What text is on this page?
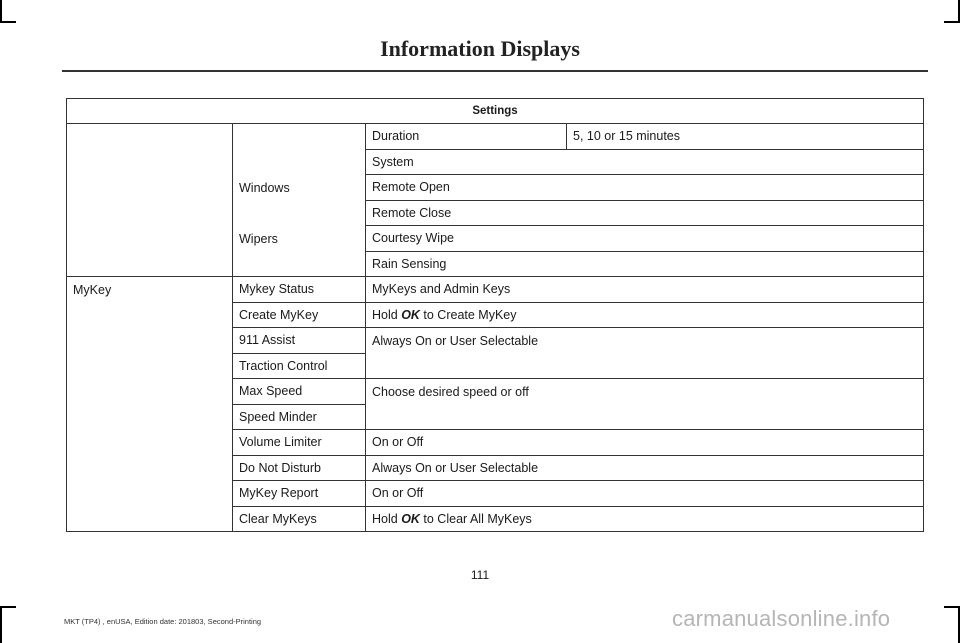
Information Displays
Settings			
		Duration	5, 10 or 15 minutes
		System	
	Windows	Remote Open	
		Remote Close	
	Wipers	Courtesy Wipe	
		Rain Sensing	
MyKey	Mykey Status	MyKeys and Admin Keys	
	Create MyKey	Hold OK to Create MyKey	
	911 Assist	Always On or User Selectable	
	Traction Control		
	Max Speed	Choose desired speed or off	
	Speed Minder		
	Volume Limiter	On or Off	
	Do Not Disturb	Always On or User Selectable	
	MyKey Report	On or Off	
	Clear MyKeys	Hold OK to Clear All MyKeys	
111
MKT (TP4) , enUSA, Edition date: 201803, Second-Printing	carmanualsonline.info
